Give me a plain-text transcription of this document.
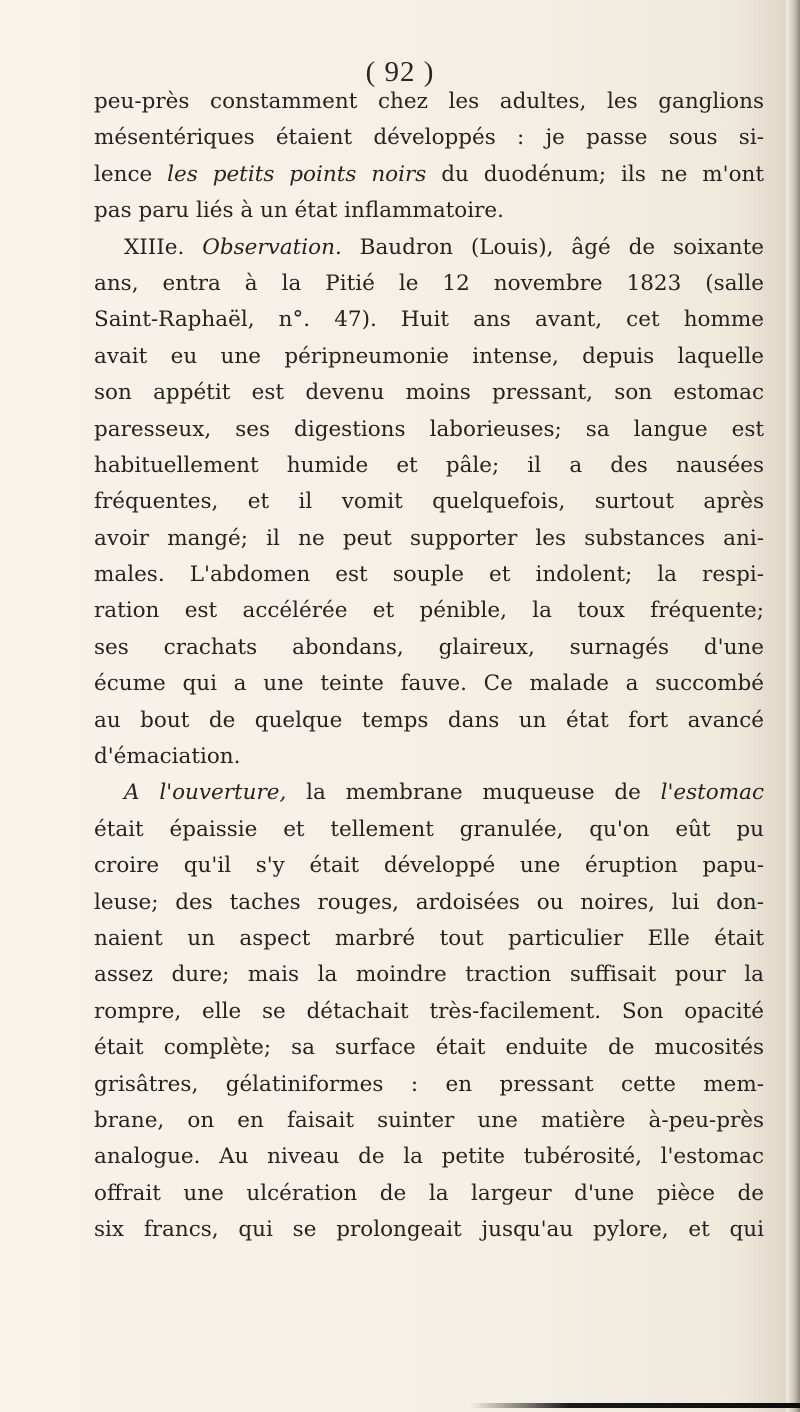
( 92 )
peu-près constamment chez les adultes, les ganglions
mésentériques étaient développés : je passe sous si-
lence les petits points noirs du duodénum; ils ne m'ont
pas paru liés à un état inflammatoire.
XIIIe. Observation. Baudron (Louis), âgé de soixante
ans, entra à la Pitié le 12 novembre 1823 (salle
Saint-Raphaël, n°. 47). Huit ans avant, cet homme
avait eu une péripneumonie intense, depuis laquelle
son appétit est devenu moins pressant, son estomac
paresseux, ses digestions laborieuses; sa langue est
habituellement humide et pâle; il a des nausées
fréquentes, et il vomit quelquefois, surtout après
avoir mangé; il ne peut supporter les substances ani-
males. L'abdomen est souple et indolent; la respi-
ration est accélérée et pénible, la toux fréquente;
ses crachats abondans, glaireux, surnagés d'une
écume qui a une teinte fauve. Ce malade a succombé
au bout de quelque temps dans un état fort avancé
d'émaciation.
A l'ouverture, la membrane muqueuse de l'estomac
était épaissie et tellement granulée, qu'on eût pu
croire qu'il s'y était développé une éruption papu-
leuse; des taches rouges, ardoisées ou noires, lui don-
naient un aspect marbré tout particulier Elle était
assez dure; mais la moindre traction suffisait pour la
rompre, elle se détachait très-facilement. Son opacité
était complète; sa surface était enduite de mucosités
grisâtres, gélatiniformes : en pressant cette mem-
brane, on en faisait suinter une matière à-peu-près
analogue. Au niveau de la petite tubérosité, l'estomac
offrait une ulcération de la largeur d'une pièce de
six francs, qui se prolongeait jusqu'au pylore, et qui
